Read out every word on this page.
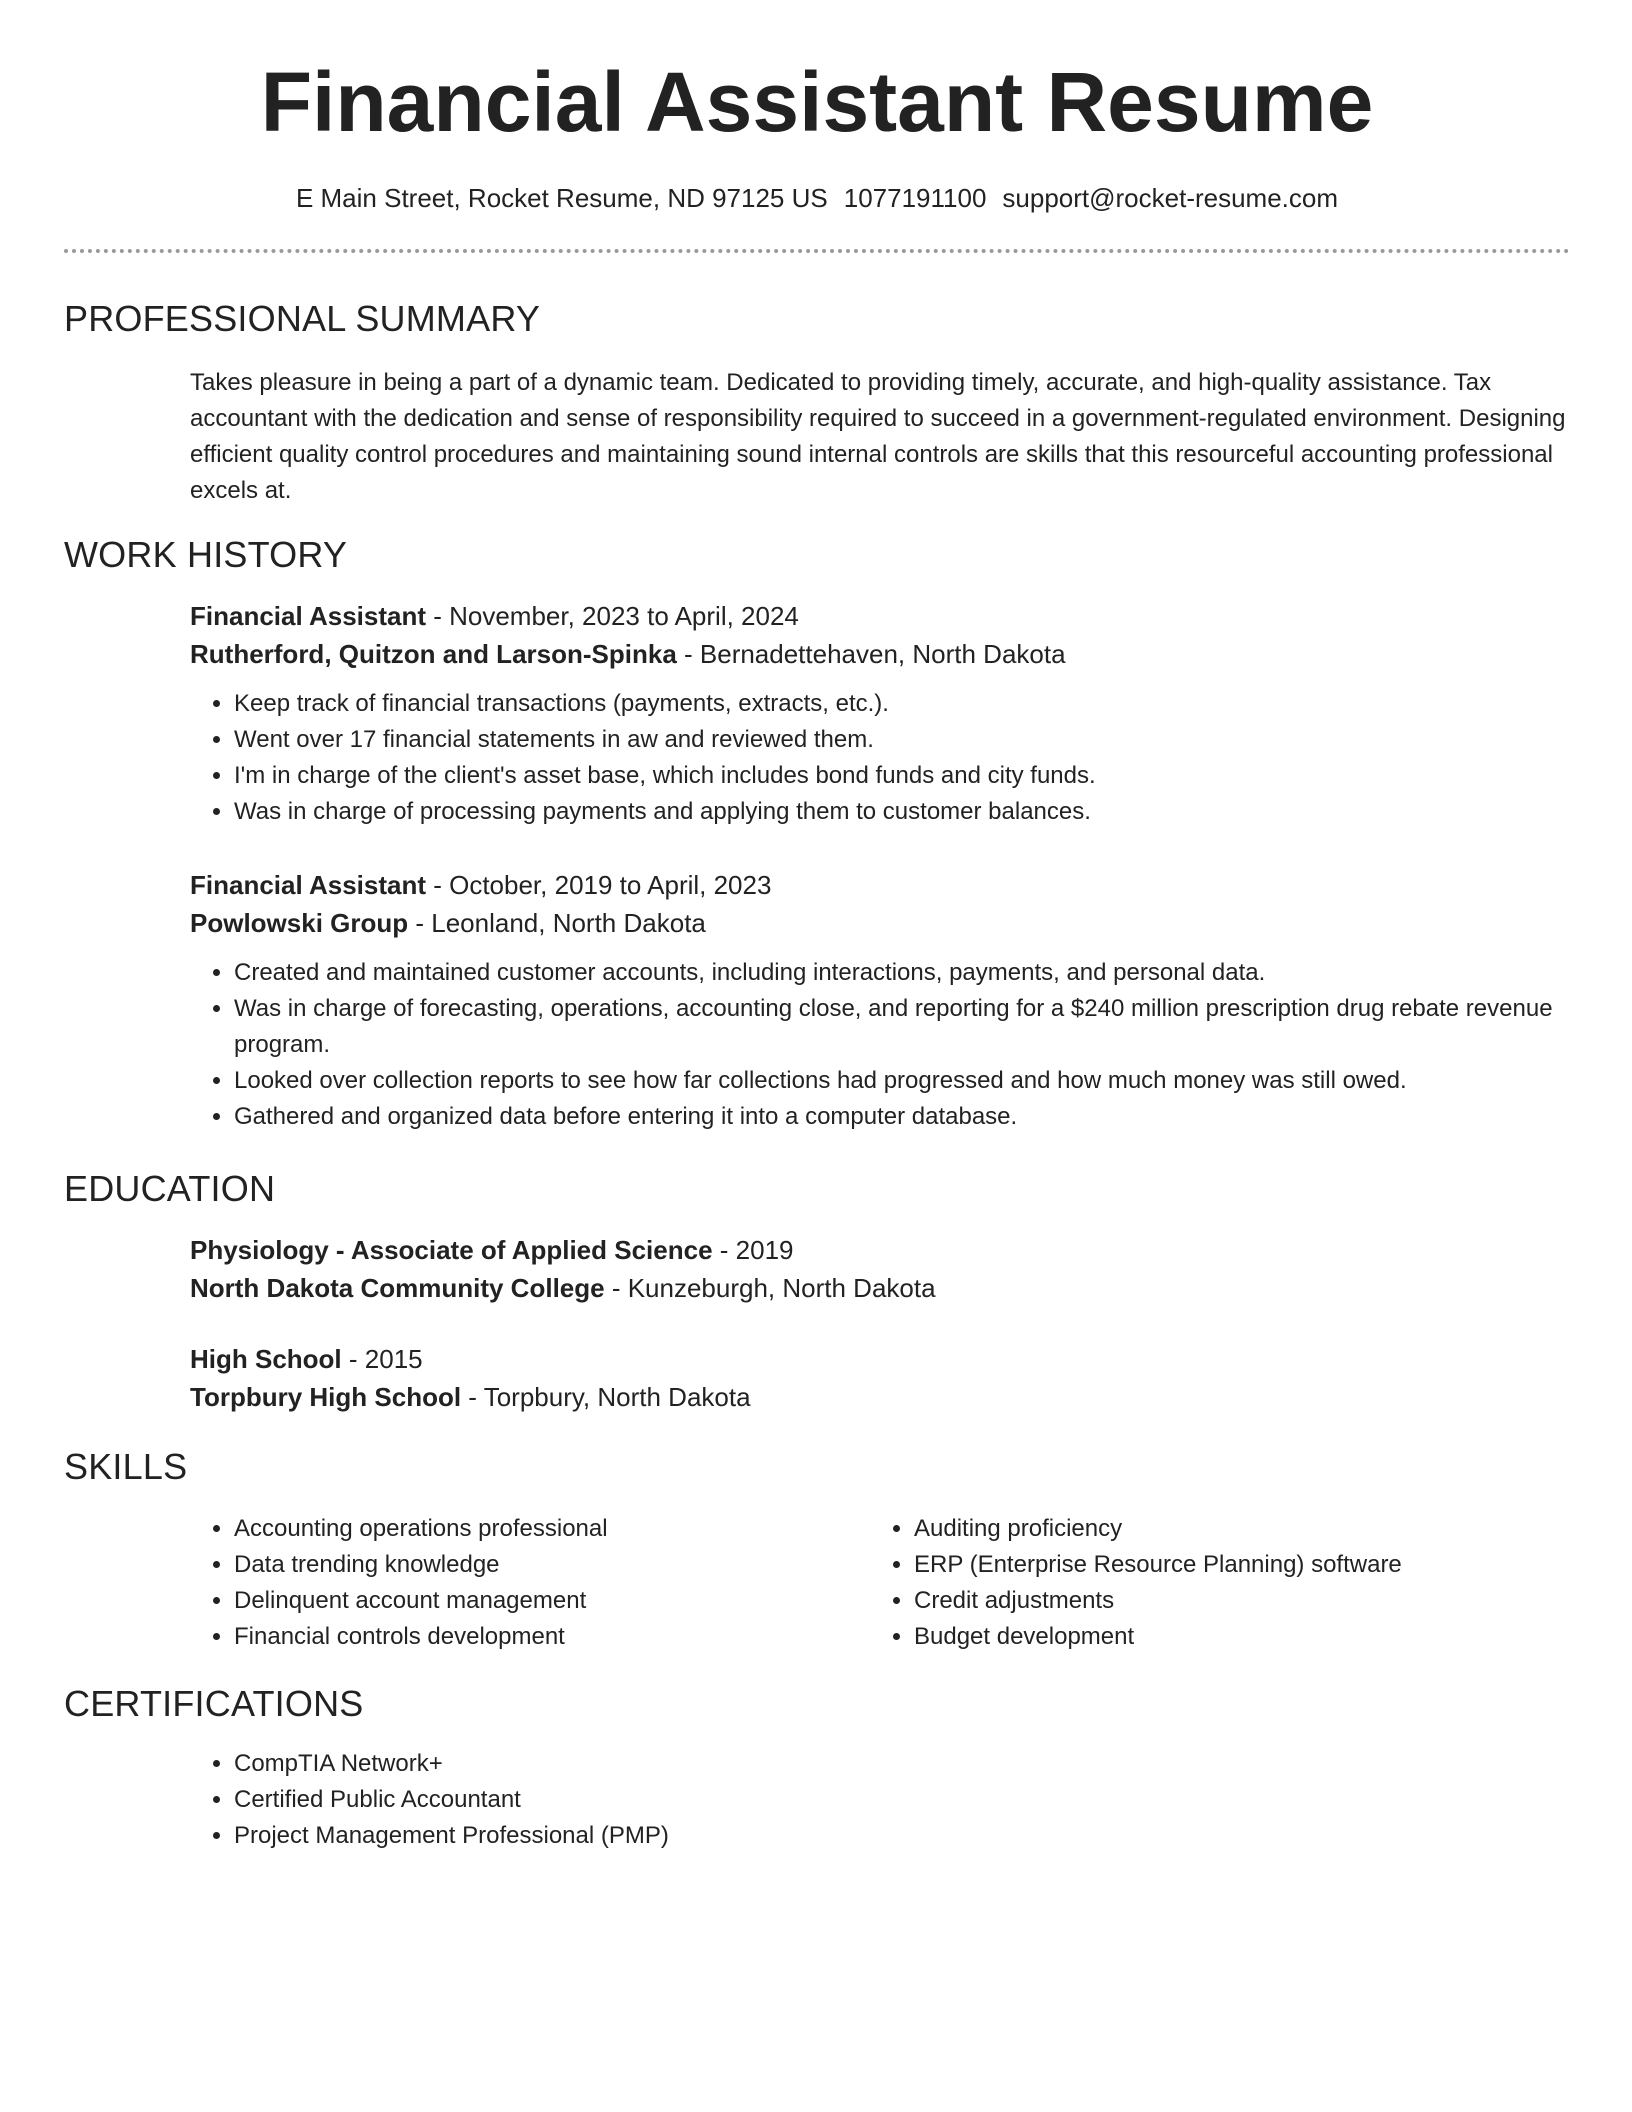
Financial Assistant Resume
E Main Street, Rocket Resume, ND 97125 US 1077191100 support@rocket-resume.com
PROFESSIONAL SUMMARY
Takes pleasure in being a part of a dynamic team. Dedicated to providing timely, accurate, and high-quality assistance. Tax accountant with the dedication and sense of responsibility required to succeed in a government-regulated environment. Designing efficient quality control procedures and maintaining sound internal controls are skills that this resourceful accounting professional excels at.
WORK HISTORY
Financial Assistant - November, 2023 to April, 2024
Rutherford, Quitzon and Larson-Spinka - Bernadettehaven, North Dakota
• Keep track of financial transactions (payments, extracts, etc.).
• Went over 17 financial statements in aw and reviewed them.
• I'm in charge of the client's asset base, which includes bond funds and city funds.
• Was in charge of processing payments and applying them to customer balances.
Financial Assistant - October, 2019 to April, 2023
Powlowski Group - Leonland, North Dakota
• Created and maintained customer accounts, including interactions, payments, and personal data.
• Was in charge of forecasting, operations, accounting close, and reporting for a $240 million prescription drug rebate revenue program.
• Looked over collection reports to see how far collections had progressed and how much money was still owed.
• Gathered and organized data before entering it into a computer database.
EDUCATION
Physiology - Associate of Applied Science - 2019
North Dakota Community College - Kunzeburgh, North Dakota
High School - 2015
Torpbury High School - Torpbury, North Dakota
SKILLS
• Accounting operations professional
• Data trending knowledge
• Delinquent account management
• Financial controls development
• Auditing proficiency
• ERP (Enterprise Resource Planning) software
• Credit adjustments
• Budget development
CERTIFICATIONS
• CompTIA Network+
• Certified Public Accountant
• Project Management Professional (PMP)
